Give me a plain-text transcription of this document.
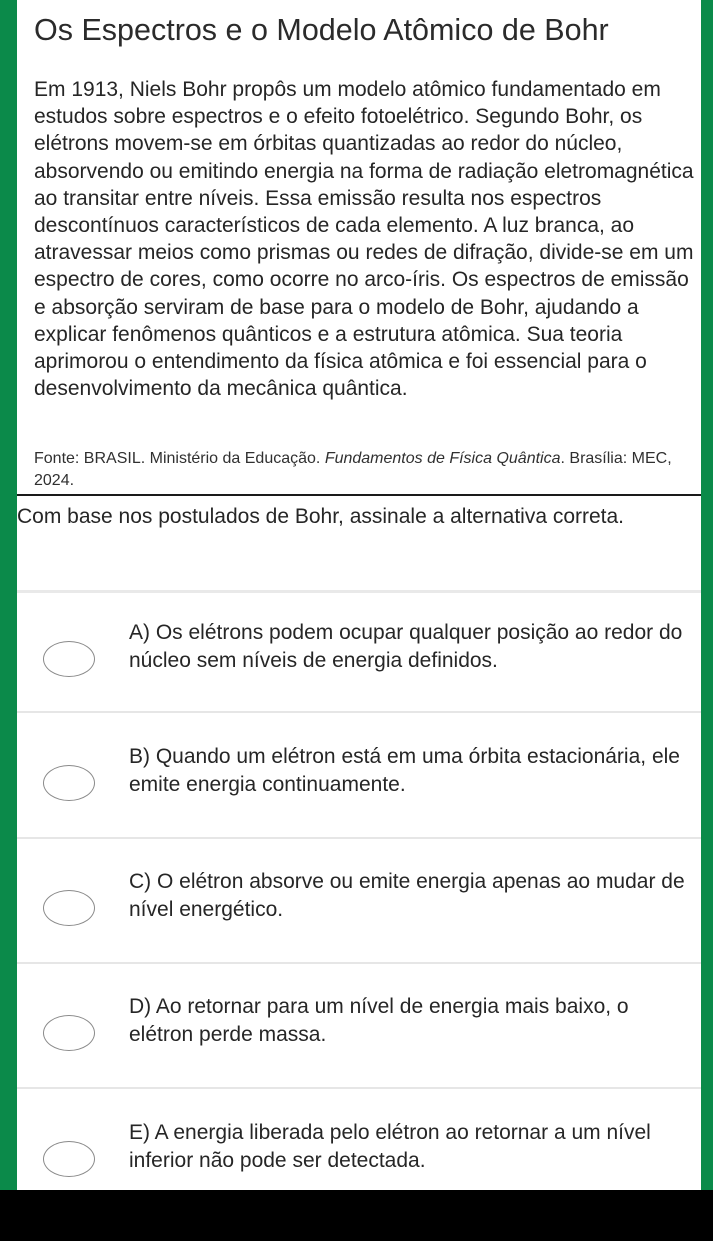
Os Espectros e o Modelo Atômico de Bohr

Em 1913, Niels Bohr propôs um modelo atômico fundamentado em estudos sobre espectros e o efeito fotoelétrico. Segundo Bohr, os elétrons movem-se em órbitas quantizadas ao redor do núcleo, absorvendo ou emitindo energia na forma de radiação eletromagnética ao transitar entre níveis. Essa emissão resulta nos espectros descontínuos característicos de cada elemento. A luz branca, ao atravessar meios como prismas ou redes de difração, divide-se em um espectro de cores, como ocorre no arco-íris. Os espectros de emissão e absorção serviram de base para o modelo de Bohr, ajudando a explicar fenômenos quânticos e a estrutura atômica. Sua teoria aprimorou o entendimento da física atômica e foi essencial para o desenvolvimento da mecânica quântica.

Fonte: BRASIL. Ministério da Educação. Fundamentos de Física Quântica. Brasília: MEC, 2024.

Com base nos postulados de Bohr, assinale a alternativa correta.

A) Os elétrons podem ocupar qualquer posição ao redor do núcleo sem níveis de energia definidos.
B) Quando um elétron está em uma órbita estacionária, ele emite energia continuamente.
C) O elétron absorve ou emite energia apenas ao mudar de nível energético.
D) Ao retornar para um nível de energia mais baixo, o elétron perde massa.
E) A energia liberada pelo elétron ao retornar a um nível inferior não pode ser detectada.
